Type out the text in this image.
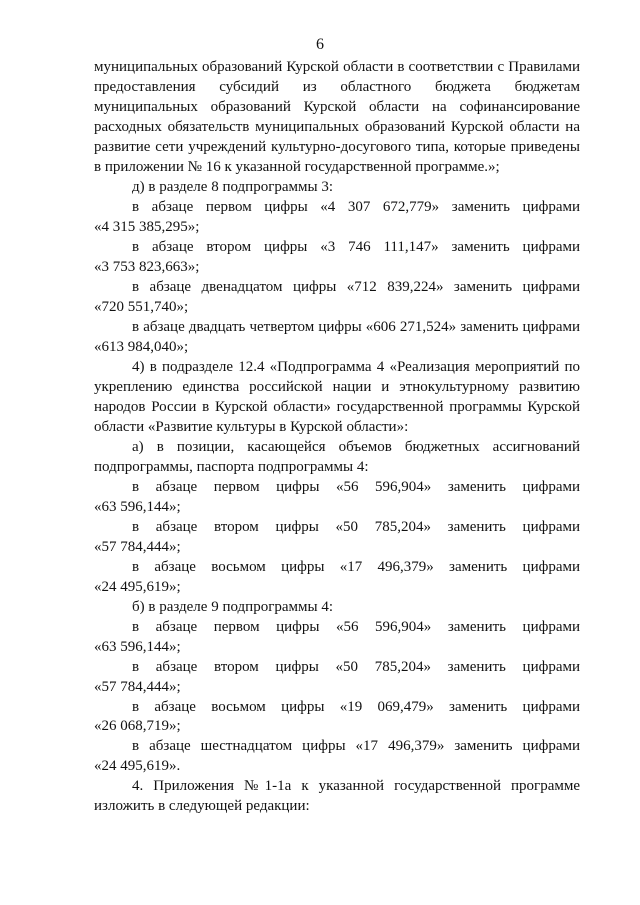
6
муниципальных образований Курской области в соответствии с Правилами
предоставления субсидий из областного бюджета бюджетам
муниципальных образований Курской области на софинансирование
расходных обязательств муниципальных образований Курской области на
развитие сети учреждений культурно-досугового типа, которые приведены
в приложении № 16 к указанной государственной программе.»;
д) в разделе 8 подпрограммы 3:
в абзаце первом цифры «4 307 672,779» заменить цифрами
«4 315 385,295»;
в абзаце втором цифры «3 746 111,147» заменить цифрами
«3 753 823,663»;
в абзаце двенадцатом цифры «712 839,224» заменить цифрами
«720 551,740»;
в абзаце двадцать четвертом цифры «606 271,524» заменить цифрами
«613 984,040»;
4) в подразделе 12.4 «Подпрограмма 4 «Реализация мероприятий по
укреплению единства российской нации и этнокультурному развитию
народов России в Курской области» государственной программы Курской
области «Развитие культуры в Курской области»:
а) в позиции, касающейся объемов бюджетных ассигнований
подпрограммы, паспорта подпрограммы 4:
в абзаце первом цифры «56 596,904» заменить цифрами
«63 596,144»;
в абзаце втором цифры «50 785,204» заменить цифрами
«57 784,444»;
в абзаце восьмом цифры «17 496,379» заменить цифрами
«24 495,619»;
б) в разделе 9 подпрограммы 4:
в абзаце первом цифры «56 596,904» заменить цифрами
«63 596,144»;
в абзаце втором цифры «50 785,204» заменить цифрами
«57 784,444»;
в абзаце восьмом цифры «19 069,479» заменить цифрами
«26 068,719»;
в абзаце шестнадцатом цифры «17 496,379» заменить цифрами
«24 495,619».
4. Приложения №1-1а к указанной государственной программе
изложить в следующей редакции:
